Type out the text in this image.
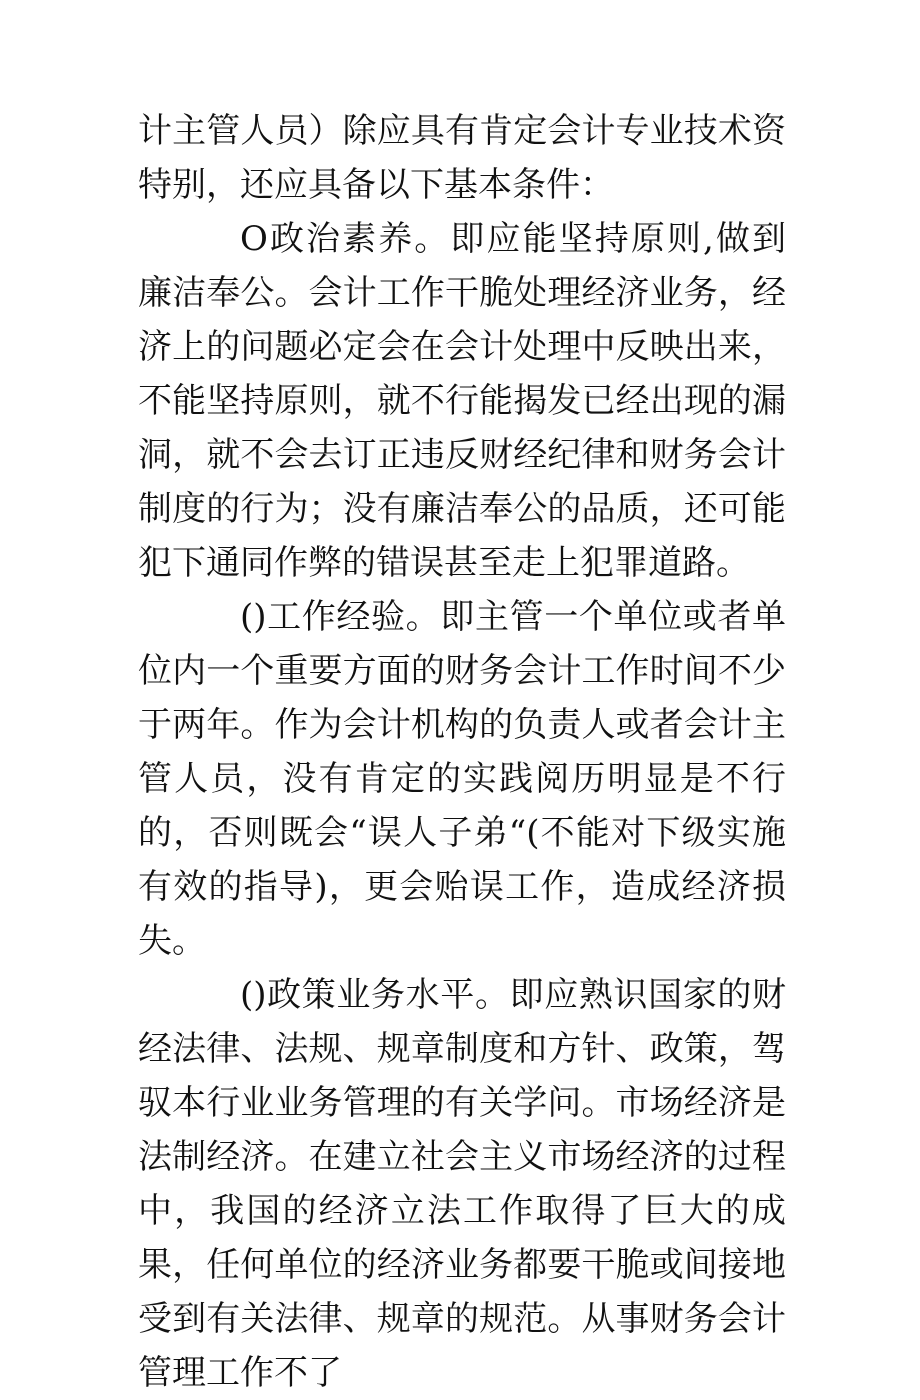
计主管人员）除应具有肯定会计专业技术资特别，还应具备以下基本条件：

O政治素养。即应能坚持原则,做到廉洁奉公。会计工作干脆处理经济业务，经济上的问题必定会在会计处理中反映出来，不能坚持原则，就不行能揭发已经出现的漏洞，就不会去订正违反财经纪律和财务会计制度的行为；没有廉洁奉公的品质，还可能犯下通同作弊的错误甚至走上犯罪道路。

()工作经验。即主管一个单位或者单位内一个重要方面的财务会计工作时间不少于两年。作为会计机构的负责人或者会计主管人员，没有肯定的实践阅历明显是不行的，否则既会“误人子弟“(不能对下级实施有效的指导)，更会贻误工作，造成经济损失。

()政策业务水平。即应熟识国家的财经法律、法规、规章制度和方针、政策，驾驭本行业业务管理的有关学问。市场经济是法制经济。在建立社会主义市场经济的过程中，我国的经济立法工作取得了巨大的成果，任何单位的经济业务都要干脆或间接地受到有关法律、规章的规范。从事财务会计管理工作不了
